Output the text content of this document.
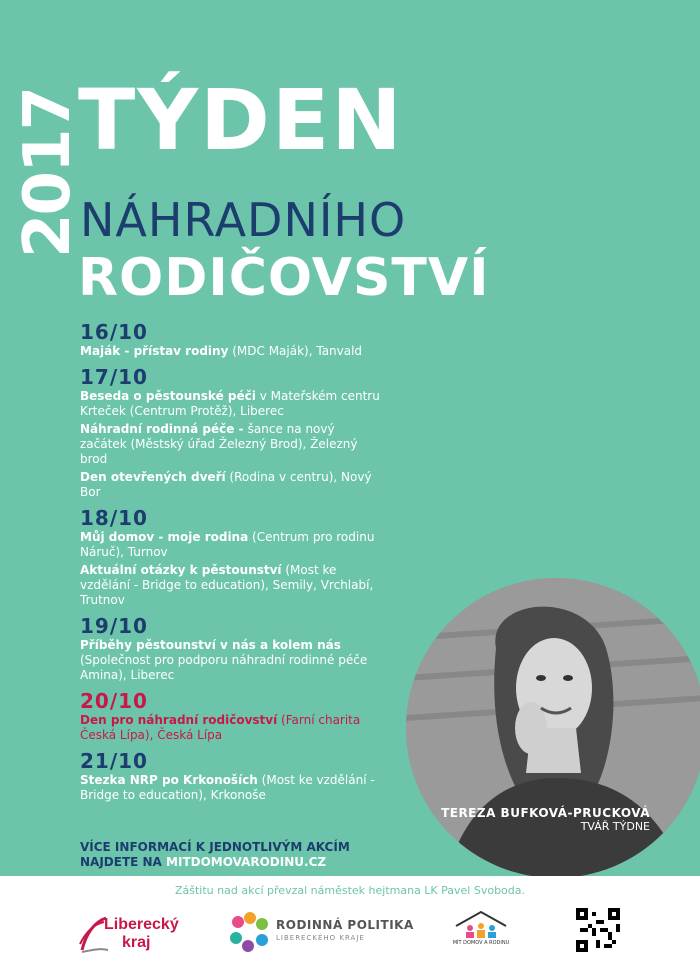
2017
TÝDEN
NÁHRADNÍHO
RODIČOVSTVÍ
16/10
Maják - přístav rodiny (MDC Maják), Tanvald
17/10
Beseda o pěstounské péči v Mateřském centru Krteček (Centrum Protěž), Liberec
Náhradní rodinná péče - šance na nový začátek (Městský úřad Železný Brod), Železný brod
Den otevřených dveří (Rodina v centru), Nový Bor
18/10
Můj domov - moje rodina (Centrum pro rodinu Náruč), Turnov
Aktuální otázky k pěstounství (Most ke vzdělání - Bridge to education), Semily, Vrchlabí, Trutnov
19/10
Příběhy pěstounství v nás a kolem nás (Společnost pro podporu náhradní rodinné péče Amina), Liberec
20/10
Den pro náhradní rodičovství (Farní charita Česká Lípa), Česká Lípa
21/10
Stezka NRP po Krkonoších (Most ke vzdělání - Bridge to education), Krkonoše
VÍCE INFORMACÍ K JEDNOTLIVÝM AKCÍM
NAJDETE NA MITDOMOVARODINU.CZ
TEREZA BUFKOVÁ-PRUCKOVÁ
TVÁŘ TÝDNE
Záštitu nad akcí převzal náměstek hejtmana LK Pavel Svoboda.
Liberecký
kraj
RODINNÁ POLITIKA
LIBERECKÉHO KRAJE
MÍT DOMOV A RODINU
